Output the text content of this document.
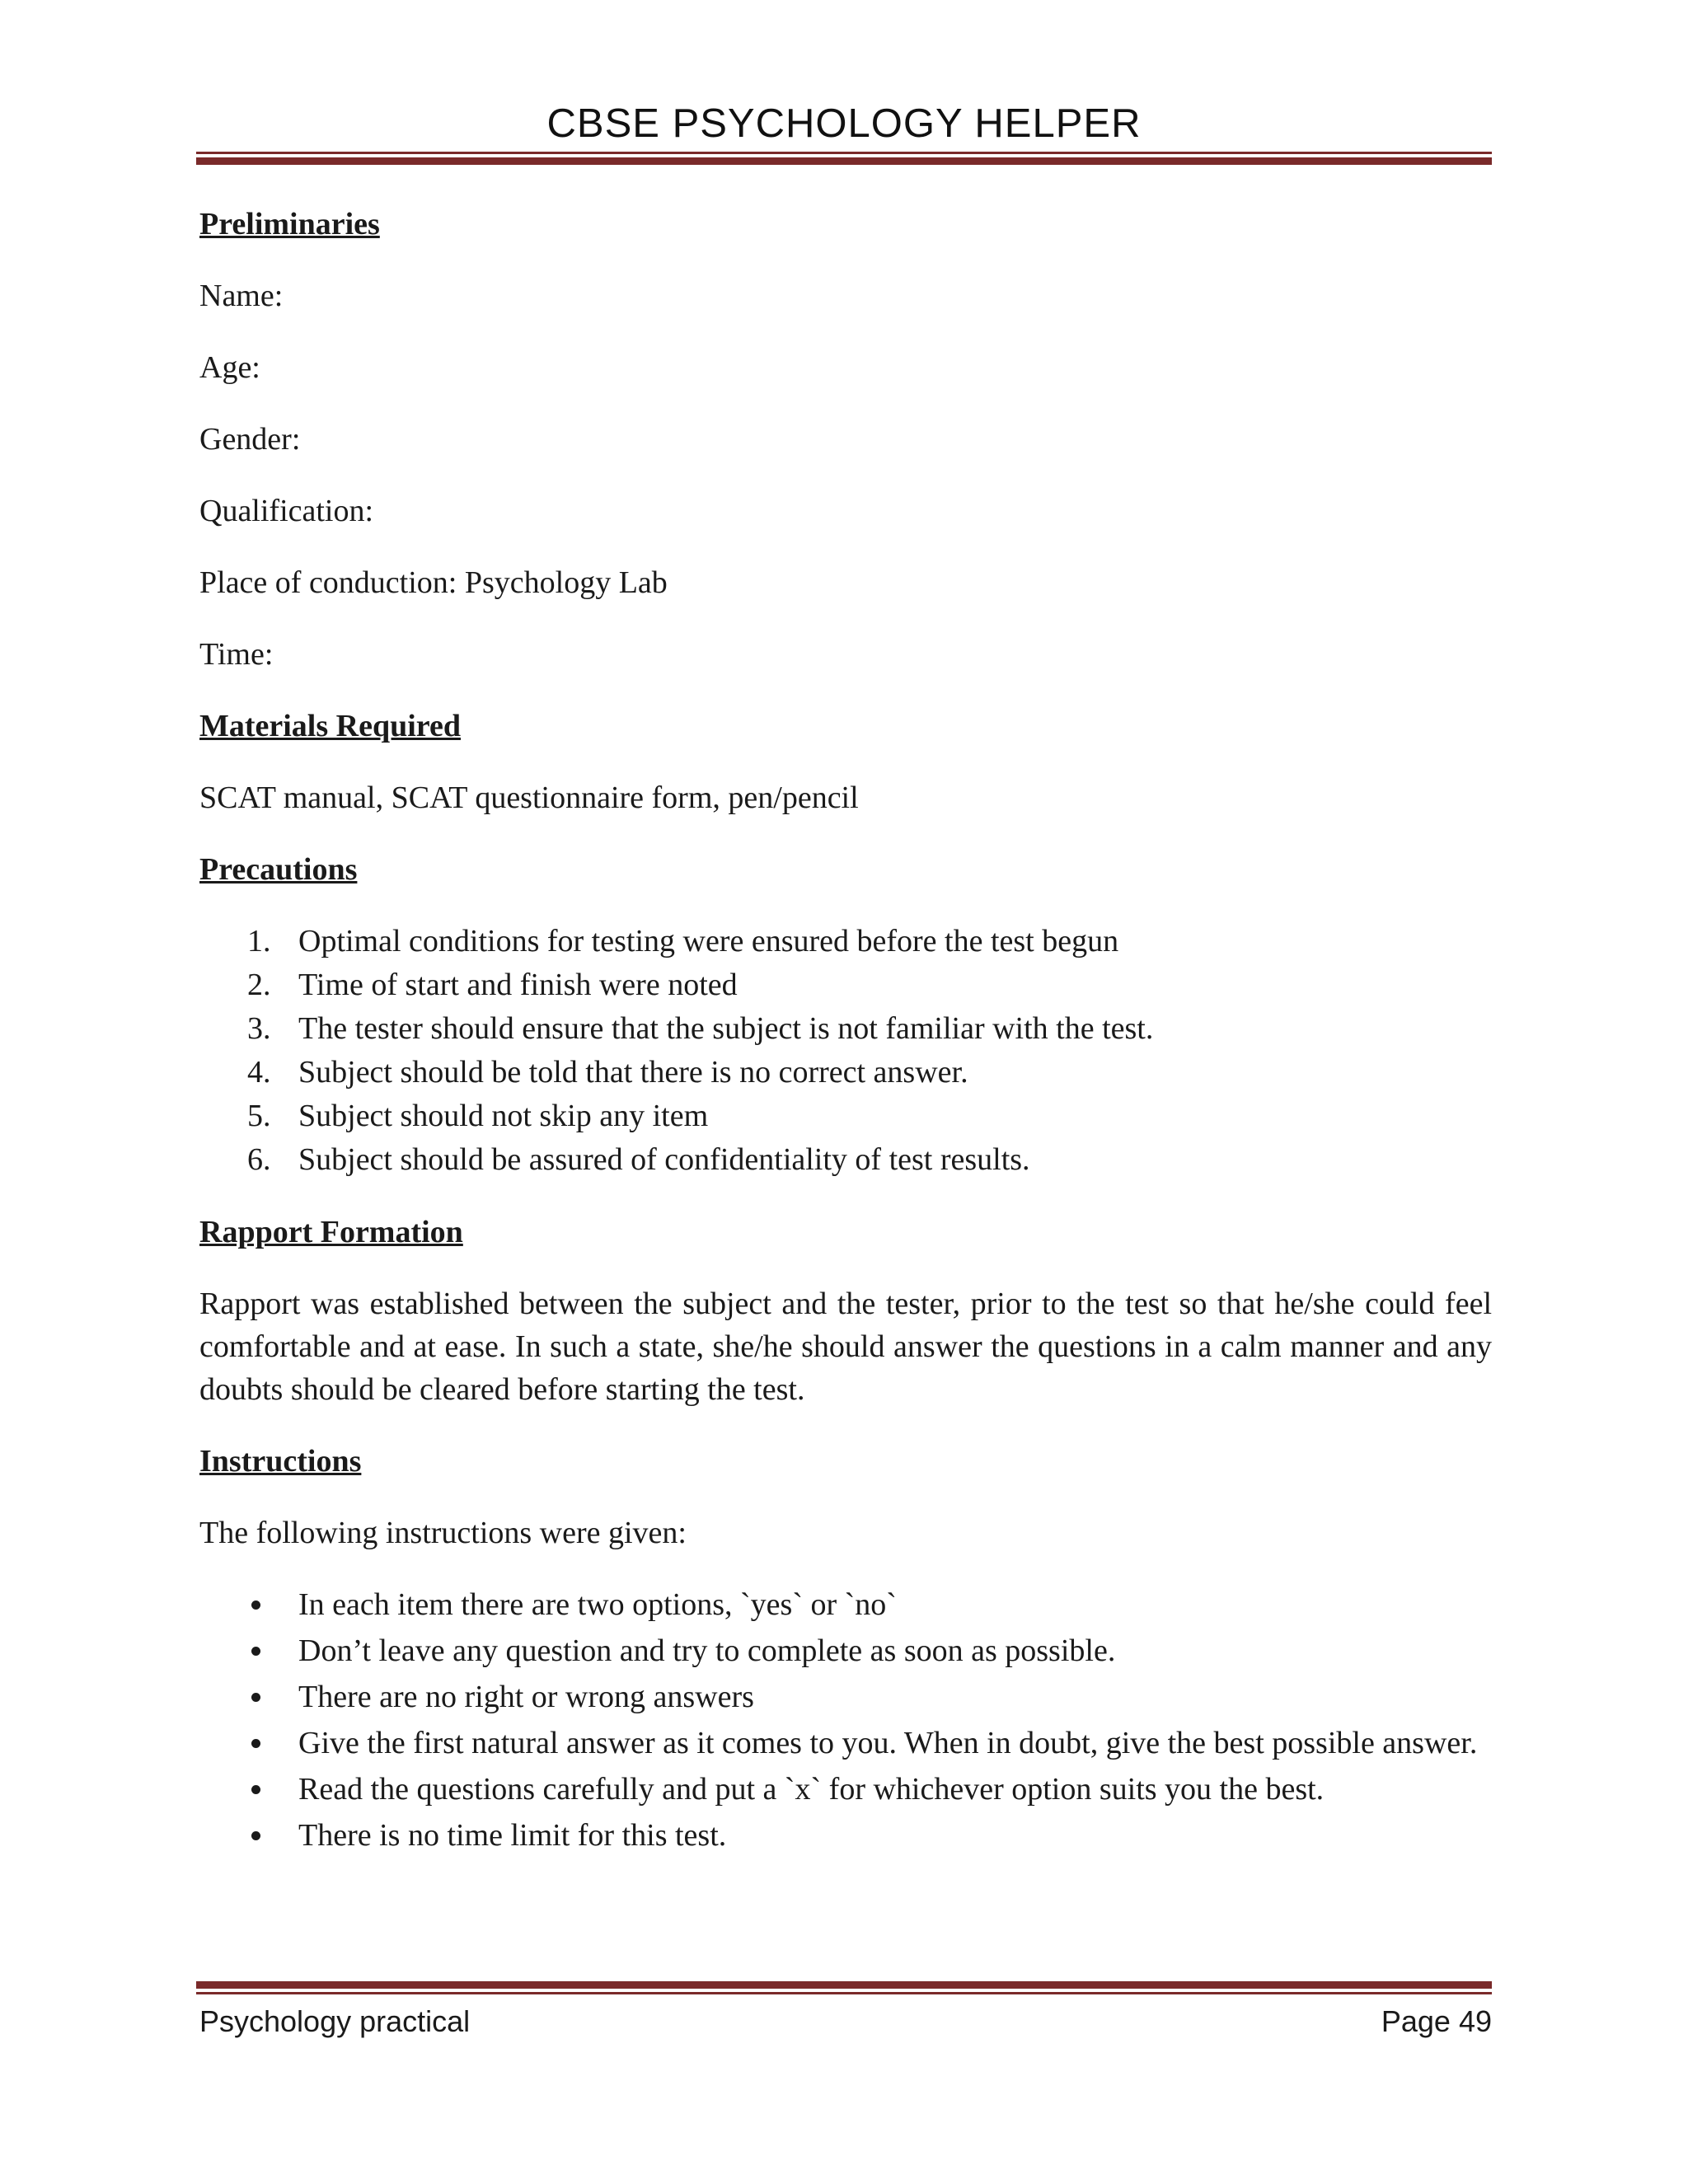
CBSE PSYCHOLOGY HELPER
Preliminaries
Name:
Age:
Gender:
Qualification:
Place of conduction: Psychology Lab
Time:
Materials Required
SCAT manual, SCAT questionnaire form, pen/pencil
Precautions
1. Optimal conditions for testing were ensured before the test begun
2. Time of start and finish were noted
3. The tester should ensure that the subject is not familiar with the test.
4. Subject should be told that there is no correct answer.
5. Subject should not skip any item
6. Subject should be assured of confidentiality of test results.
Rapport Formation

Rapport was established between the subject and the tester, prior to the test so that he/she could feel comfortable and at ease. In such a state, she/he should answer the questions in a calm manner and any doubts should be cleared before starting the test.

Instructions
The following instructions were given:
In each item there are two options, `yes` or `no`
Don’t leave any question and try to complete as soon as possible.
There are no right or wrong answers
Give the first natural answer as it comes to you. When in doubt, give the best possible answer.
Read the questions carefully and put a `x` for whichever option suits you the best.
There is no time limit for this test.
Psychology practical	Page 49
